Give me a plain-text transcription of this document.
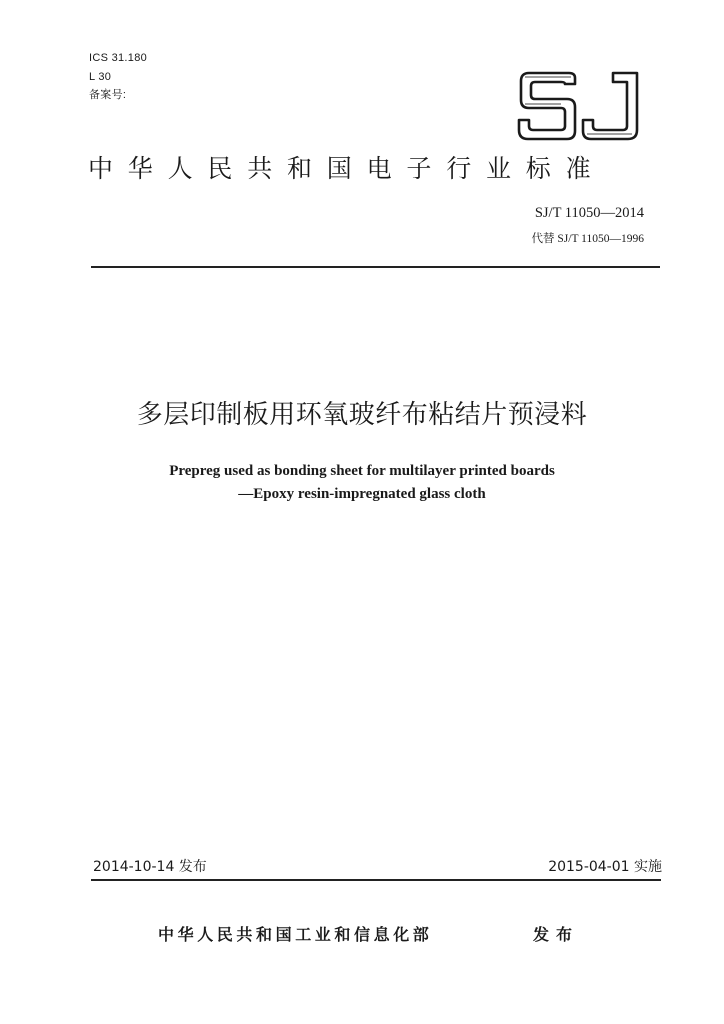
ICS 31.180
L 30
备案号:
中华人民共和国电子行业标准
SJ/T 11050—2014
代替 SJ/T 11050—1996
多层印制板用环氧玻纤布粘结片预浸料
Prepreg used as bonding sheet for multilayer printed boards
—Epoxy resin-impregnated glass cloth
2014-10-14 发布	2015-04-01 实施
中华人民共和国工业和信息化部	发布
